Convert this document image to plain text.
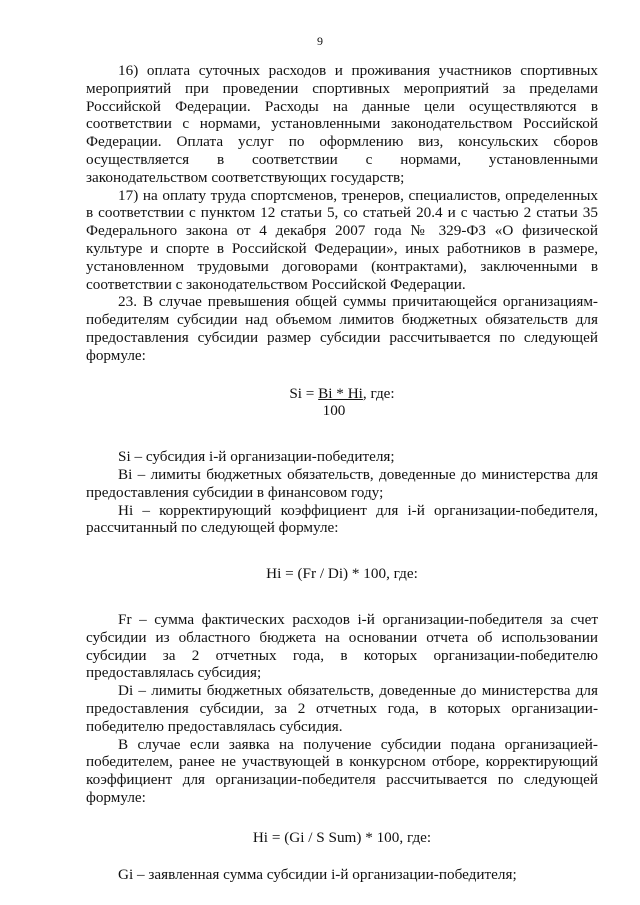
9

16) оплата суточных расходов и проживания участников спортивных мероприятий при проведении спортивных мероприятий за пределами Российской Федерации. Расходы на данные цели осуществляются в соответствии с нормами, установленными законодательством Российской Федерации. Оплата услуг по оформлению виз, консульских сборов осуществляется в соответствии с нормами, установленными законодательством соответствующих государств;

17) на оплату труда спортсменов, тренеров, специалистов, определенных в соответствии с пунктом 12 статьи 5, со статьей 20.4 и с частью 2 статьи 35 Федерального закона от 4 декабря 2007 года № 329-ФЗ «О физической культуре и спорте в Российской Федерации», иных работников в размере, установленном трудовыми договорами (контрактами), заключенными в соответствии с законодательством Российской Федерации.

23. В случае превышения общей суммы причитающейся организациям-победителям субсидии над объемом лимитов бюджетных обязательств для предоставления субсидии размер субсидии рассчитывается по следующей формуле:

Si = Bi * Hi, где:
100

Si – субсидия i-й организации-победителя;

Bi – лимиты бюджетных обязательств, доведенные до министерства для предоставления субсидии в финансовом году;

Hi – корректирующий коэффициент для i-й организации-победителя, рассчитанный по следующей формуле:

Hi = (Fr / Di) * 100, где:

Fr – сумма фактических расходов i-й организации-победителя за счет субсидии из областного бюджета на основании отчета об использовании субсидии за 2 отчетных года, в которых организации-победителю предоставлялась субсидия;

Di – лимиты бюджетных обязательств, доведенные до министерства для предоставления субсидии, за 2 отчетных года, в которых организации-победителю предоставлялась субсидия.

В случае если заявка на получение субсидии подана организацией-победителем, ранее не участвующей в конкурсном отборе, корректирующий коэффициент для организации-победителя рассчитывается по следующей формуле:

Hi = (Gi / S Sum) * 100, где:

Gi – заявленная сумма субсидии i-й организации-победителя;
